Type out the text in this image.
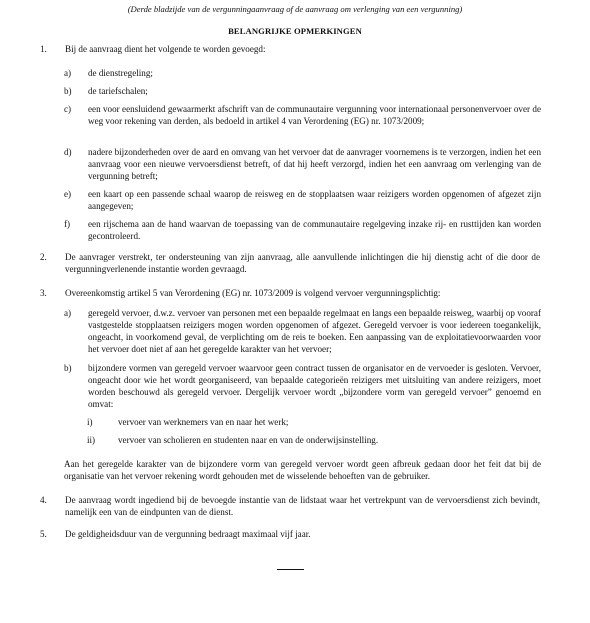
(Derde bladzijde van de vergunningaanvraag of de aanvraag om verlenging van een vergunning)
BELANGRIJKE OPMERKINGEN
1.	Bij de aanvraag dient het volgende te worden gevoegd:
a)	de dienstregeling;
b)	de tariefschalen;
c)	een voor eensluidend gewaarmerkt afschrift van de communautaire vergunning voor internationaal personenvervoer over de weg voor rekening van derden, als bedoeld in artikel 4 van Verordening (EG) nr. 1073/2009;
d)	nadere bijzonderheden over de aard en omvang van het vervoer dat de aanvrager voornemens is te verzorgen, indien het een aanvraag voor een nieuwe vervoersdienst betreft, of dat hij heeft verzorgd, indien het een aanvraag om verlenging van de vergunning betreft;
e)	een kaart op een passende schaal waarop de reisweg en de stopplaatsen waar reizigers worden opgenomen of afgezet zijn aangegeven;
f)	een rijschema aan de hand waarvan de toepassing van de communautaire regelgeving inzake rij- en rusttijden kan worden gecontroleerd.
2.	De aanvrager verstrekt, ter ondersteuning van zijn aanvraag, alle aanvullende inlichtingen die hij dienstig acht of die door de vergunningverlenende instantie worden gevraagd.
3.	Overeenkomstig artikel 5 van Verordening (EG) nr. 1073/2009 is volgend vervoer vergunningsplichtig:
a)	geregeld vervoer, d.w.z. vervoer van personen met een bepaalde regelmaat en langs een bepaalde reisweg, waarbij op vooraf vastgestelde stopplaatsen reizigers mogen worden opgenomen of afgezet. Geregeld vervoer is voor iedereen toegankelijk, ongeacht, in voorkomend geval, de verplichting om de reis te boeken. Een aanpassing van de exploitatievoorwaarden voor het vervoer doet niet af aan het geregelde karakter van het vervoer;
b)	bijzondere vormen van geregeld vervoer waarvoor geen contract tussen de organisator en de vervoeder is gesloten. Vervoer, ongeacht door wie het wordt georganiseerd, van bepaalde categorieën reizigers met uitsluiting van andere reizigers, moet worden beschouwd als geregeld vervoer. Dergelijk vervoer wordt „bijzondere vorm van geregeld vervoer” genoemd en omvat:
i)	vervoer van werknemers van en naar het werk;
ii)	vervoer van scholieren en studenten naar en van de onderwijsinstelling.
Aan het geregelde karakter van de bijzondere vorm van geregeld vervoer wordt geen afbreuk gedaan door het feit dat bij de organisatie van het vervoer rekening wordt gehouden met de wisselende behoeften van de gebruiker.
4.	De aanvraag wordt ingediend bij de bevoegde instantie van de lidstaat waar het vertrekpunt van de vervoersdienst zich bevindt, namelijk een van de eindpunten van de dienst.
5.	De geldigheidsduur van de vergunning bedraagt maximaal vijf jaar.
